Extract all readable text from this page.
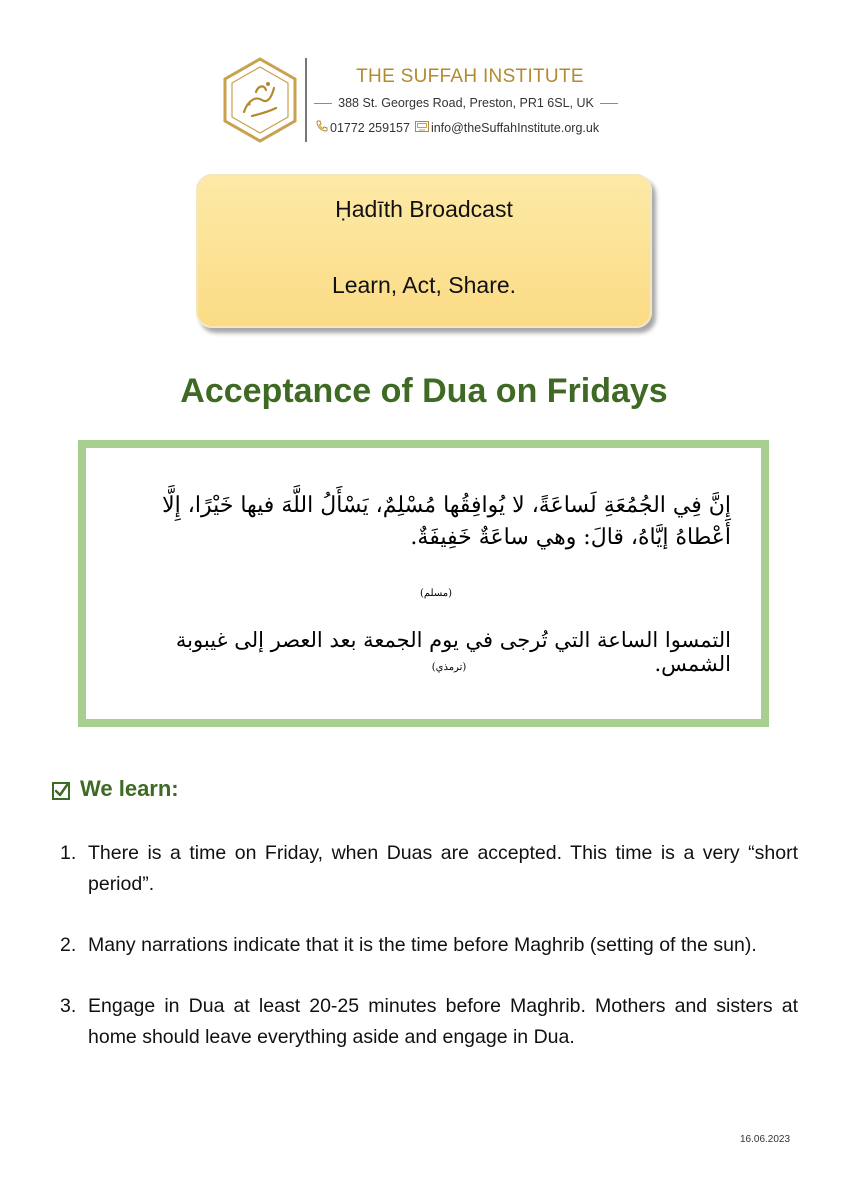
THE SUFFAH INSTITUTE
388 St. Georges Road, Preston, PR1 6SL, UK
01772 259157 info@theSuffahInstitute.org.uk
Ḥadīth Broadcast
Learn, Act, Share.
Acceptance of Dua on Fridays
إِنَّ فِي الجُمُعَةِ لَساعَةً، لا يُوافِقُها مُسْلِمٌ، يَسْأَلُ اللَّهَ فيها خَيْرًا، إِلَّا أعْطاهُ إيَّاهُ، قالَ: وهي ساعَةٌ خَفِيفَةٌ.
(مسلم)
التمسوا الساعة التي تُرجى في يوم الجمعة بعد العصر إلى غيبوبة الشمس.
(ترمذي)
We learn:
1. There is a time on Friday, when Duas are accepted. This time is a very “short period”.
2. Many narrations indicate that it is the time before Maghrib (setting of the sun).
3. Engage in Dua at least 20-25 minutes before Maghrib. Mothers and sisters at home should leave everything aside and engage in Dua.
16.06.2023
